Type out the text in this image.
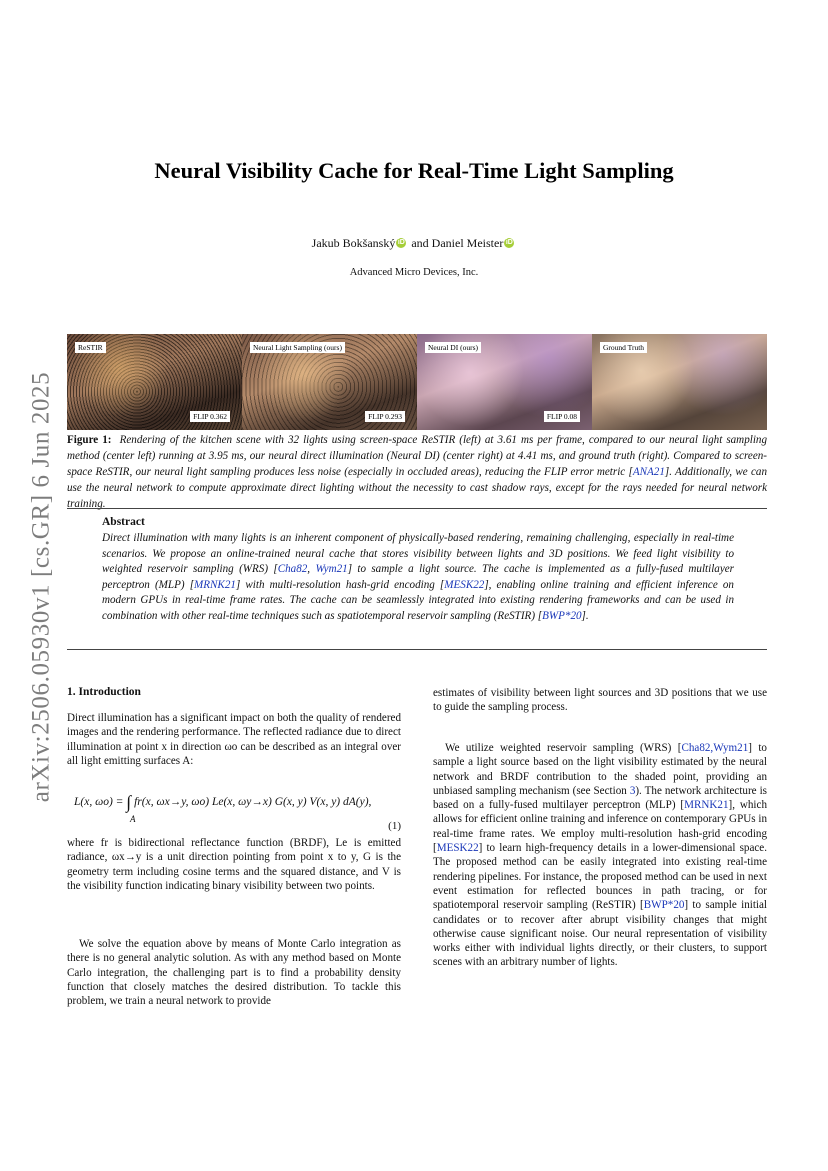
arXiv:2506.05930v1 [cs.GR] 6 Jun 2025
Neural Visibility Cache for Real-Time Light Sampling
Jakub Bokšanský iD and Daniel Meister iD
Advanced Micro Devices, Inc.
ReSTIR
FLIP 0.362
Neural Light Sampling (ours)
FLIP 0.293
Neural DI (ours)
FLIP 0.08
Ground Truth

Figure 1: Rendering of the kitchen scene with 32 lights using screen-space ReSTIR (left) at 3.61 ms per frame, compared to our neural light sampling method (center left) running at 3.95 ms, our neural direct illumination (Neural DI) (center right) at 4.41 ms, and ground truth (right). Compared to screen-space ReSTIR, our neural light sampling produces less noise (especially in occluded areas), reducing the FLIP error metric [ANA21]. Additionally, we can use the neural network to compute approximate direct lighting without the necessity to cast shadow rays, except for the rays needed for neural network training.

Abstract

Direct illumination with many lights is an inherent component of physically-based rendering, remaining challenging, especially in real-time scenarios. We propose an online-trained neural cache that stores visibility between lights and 3D positions. We feed light visibility to weighted reservoir sampling (WRS) [Cha82, Wym21] to sample a light source. The cache is implemented as a fully-fused multilayer perceptron (MLP) [MRNK21] with multi-resolution hash-grid encoding [MESK22], enabling online training and efficient inference on modern GPUs in real-time frame rates. The cache can be seamlessly integrated into existing rendering frameworks and can be used in combination with other real-time techniques such as spatiotemporal reservoir sampling (ReSTIR) [BWP*20].

1. Introduction

Direct illumination has a significant impact on both the quality of rendered images and the rendering performance. The reflected radiance due to direct illumination at point x in direction ωo can be described as an integral over all light emitting surfaces A:

L(x, ωo) = ∫ fr(x, ωx→y, ωo) Le(x, ωy→x) G(x, y) V(x, y) dA(y),
A
(1)

where fr is bidirectional reflectance function (BRDF), Le is emitted radiance, ωx→y is a unit direction pointing from point x to y, G is the geometry term including cosine terms and the squared distance, and V is the visibility function indicating binary visibility between two points.

We solve the equation above by means of Monte Carlo integration as there is no general analytic solution. As with any method based on Monte Carlo integration, the challenging part is to find a probability density function that closely matches the desired distribution. To tackle this problem, we train a neural network to provide

estimates of visibility between light sources and 3D positions that we use to guide the sampling process.

We utilize weighted reservoir sampling (WRS) [Cha82,Wym21] to sample a light source based on the light visibility estimated by the neural network and BRDF contribution to the shaded point, providing an unbiased sampling mechanism (see Section 3). The network architecture is based on a fully-fused multilayer perceptron (MLP) [MRNK21], which allows for efficient online training and inference on contemporary GPUs in real-time frame rates. We employ multi-resolution hash-grid encoding [MESK22] to learn high-frequency details in a lower-dimensional space. The proposed method can be easily integrated into existing real-time rendering pipelines. For instance, the proposed method can be used in next event estimation for reflected bounces in path tracing, or for spatiotemporal reservoir sampling (ReSTIR) [BWP*20] to sample initial candidates or to recover after abrupt visibility changes that might otherwise cause significant noise. Our neural representation of visibility works either with individual lights directly, or their clusters, to support scenes with an arbitrary number of lights.
